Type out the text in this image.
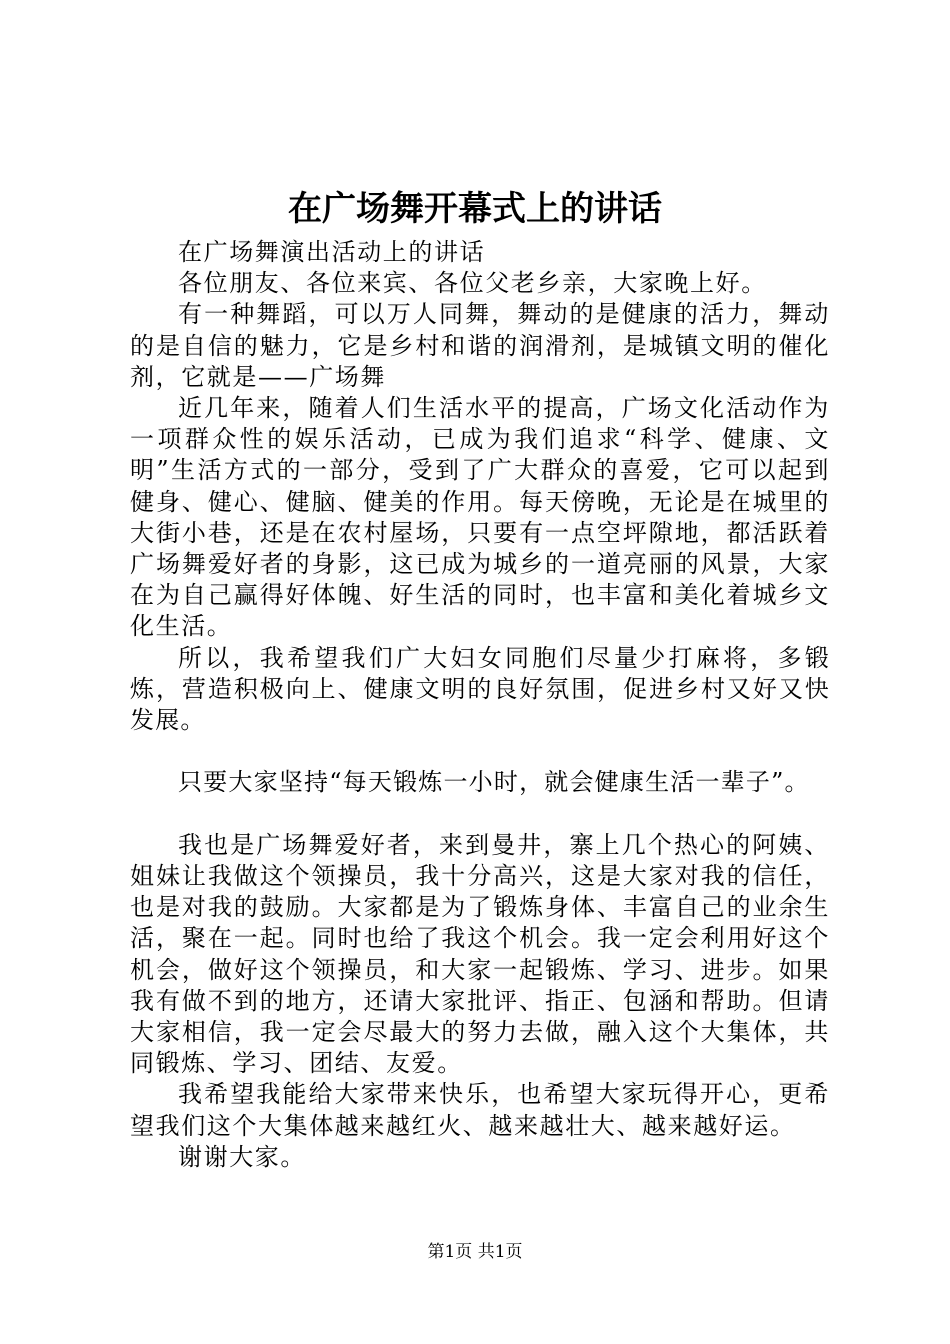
在广场舞开幕式上的讲话

在广场舞演出活动上的讲话

各位朋友、各位来宾、各位父老乡亲，大家晚上好。

有一种舞蹈，可以万人同舞，舞动的是健康的活力，舞动的是自信的魅力，它是乡村和谐的润滑剂，是城镇文明的催化剂，它就是——广场舞

近几年来，随着人们生活水平的提高，广场文化活动作为一项群众性的娱乐活动，已成为我们追求“科学、健康、文明”生活方式的一部分，受到了广大群众的喜爱，它可以起到健身、健心、健脑、健美的作用。每天傍晚，无论是在城里的大街小巷，还是在农村屋场，只要有一点空坪隙地，都活跃着广场舞爱好者的身影，这已成为城乡的一道亮丽的风景，大家在为自己赢得好体魄、好生活的同时，也丰富和美化着城乡文化生活。

所以，我希望我们广大妇女同胞们尽量少打麻将，多锻炼，营造积极向上、健康文明的良好氛围，促进乡村又好又快发展。

只要大家坚持“每天锻炼一小时，就会健康生活一辈子”。

我也是广场舞爱好者，来到曼井，寨上几个热心的阿姨、姐妹让我做这个领操员，我十分高兴，这是大家对我的信任，也是对我的鼓励。大家都是为了锻炼身体、丰富自己的业余生活，聚在一起。同时也给了我这个机会。我一定会利用好这个机会，做好这个领操员，和大家一起锻炼、学习、进步。如果我有做不到的地方，还请大家批评、指正、包涵和帮助。但请大家相信，我一定会尽最大的努力去做，融入这个大集体，共同锻炼、学习、团结、友爱。

我希望我能给大家带来快乐，也希望大家玩得开心，更希望我们这个大集体越来越红火、越来越壮大、越来越好运。

谢谢大家。

第1页 共1页
